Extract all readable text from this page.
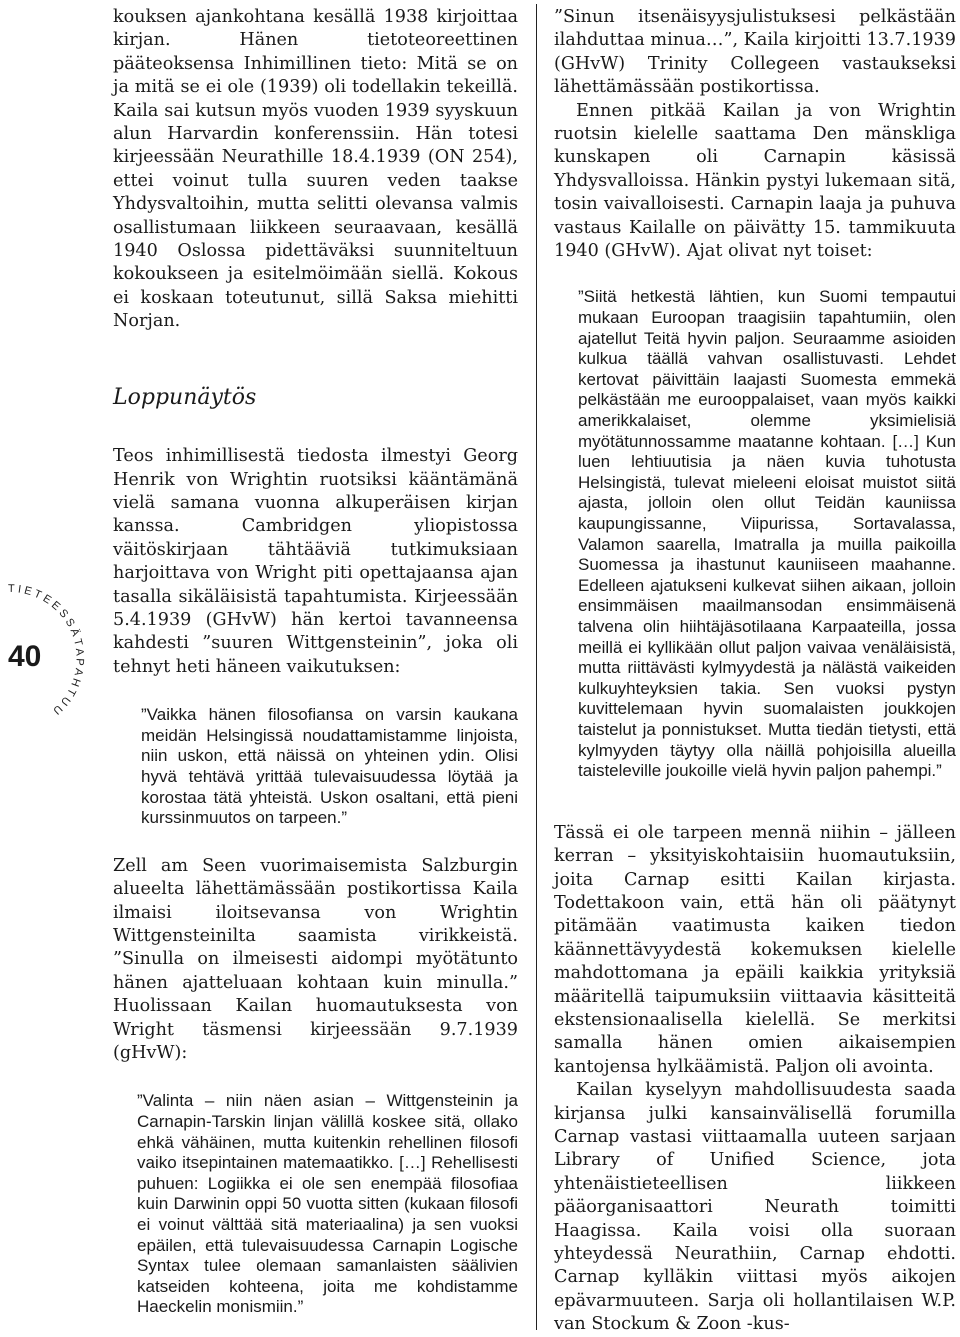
T I E T E E S S Ä T A P A H T U U
40

kouksen ajankohtana kesällä 1938 kirjoittaa kirjan. Hänen tietoteoreettinen pääteoksensa Inhimillinen tieto: Mitä se on ja mitä se ei ole (1939) oli todellakin tekeillä. Kaila sai kutsun myös vuoden 1939 syyskuun alun Harvardin konferenssiin. Hän totesi kirjeessään Neurathille 18.4.1939 (ON 254), ettei voinut tulla suuren veden taakse Yhdysvaltoihin, mutta selitti olevansa valmis osallistumaan liikkeen seuraavaan, kesällä 1940 Oslossa pidettäväksi suunniteltuun kokoukseen ja esitelmöimään siellä. Kokous ei koskaan toteutunut, sillä Saksa miehitti Norjan.

Loppunäytös

Teos inhimillisestä tiedosta ilmestyi Georg Henrik von Wrightin ruotsiksi kääntämänä vielä samana vuonna alkuperäisen kirjan kanssa. Cambridgen yliopistossa väitöskirjaan tähtääviä tutkimuksiaan harjoittava von Wright piti opettajaansa ajan tasalla sikäläisistä tapahtumista. Kirjeessään 5.4.1939 (GHvW) hän kertoi tavanneensa kahdesti ”suuren Wittgensteinin”, joka oli tehnyt heti häneen vaikutuksen:

”Vaikka hänen filosofiansa on varsin kaukana meidän Helsingissä noudattamistamme linjoista, niin uskon, että näissä on yhteinen ydin. Olisi hyvä tehtävä yrittää tulevaisuudessa löytää ja korostaa tätä yhteistä. Uskon osaltani, että pieni kurssinmuutos on tarpeen.”

Zell am Seen vuorimaisemista Salzburgin alueelta lähettämässään postikortissa Kaila ilmaisi iloitsevansa von Wrightin Wittgensteinilta saamista virikkeistä. ”Sinulla on ilmeisesti aidompi myötätunto hänen ajatteluaan kohtaan kuin minulla.” Huolissaan Kailan huomautuksesta von Wright täsmensi kirjeessään 9.7.1939 (gHvW):

”Valinta – niin näen asian – Wittgensteinin ja Carnapin-Tarskin linjan välillä koskee sitä, ollako ehkä vähäinen, mutta kuitenkin rehellinen filosofi vaiko itsepintainen matemaatikko. […] Rehellisesti puhuen: Logiikka ei ole sen enempää filosofiaa kuin Darwinin oppi 50 vuotta sitten (kukaan filosofi ei voinut välttää sitä materiaalina) ja sen vuoksi epäilen, että tulevaisuudessa Carnapin Logische Syntax tulee olemaan samanlaisten säälivien katseiden kohteena, joita me kohdistamme Haeckelin monismiin.”

”Sinun itsenäisyysjulistuksesi pelkästään ilahduttaa minua…”, Kaila kirjoitti 13.7.1939 (GHvW) Trinity Collegeen vastaukseksi lähettämässään postikortissa.

Ennen pitkää Kailan ja von Wrightin ruotsin kielelle saattama Den mänskliga kunskapen oli Carnapin käsissä Yhdysvalloissa. Hänkin pystyi lukemaan sitä, tosin vaivalloisesti. Carnapin laaja ja puhuva vastaus Kailalle on päivätty 15. tammikuuta 1940 (GHvW). Ajat olivat nyt toiset:

”Siitä hetkestä lähtien, kun Suomi tempautui mukaan Euroopan traagisiin tapahtumiin, olen ajatellut Teitä hyvin paljon. Seuraamme asioiden kulkua täällä vahvan osallistuvasti. Lehdet kertovat päivittäin laajasti Suomesta emmekä pelkästään me eurooppalaiset, vaan myös kaikki amerikkalaiset, olemme yksimielisiä myötätunnossamme maatanne kohtaan. […] Kun luen lehtiuutisia ja näen kuvia tuhotusta Helsingistä, tulevat mieleeni eloisat muistot siitä ajasta, jolloin olen ollut Teidän kauniissa kaupungissanne, Viipurissa, Sortavalassa, Valamon saarella, Imatralla ja muilla paikoilla Suomessa ja ihastunut kauniiseen maahanne. Edelleen ajatukseni kulkevat siihen aikaan, jolloin ensimmäisen maailmansodan ensimmäisenä talvena olin hiihtäjäsotilaana Karpaateilla, jossa meillä ei kyllikään ollut paljon vaivaa venäläisistä, mutta riittävästi kylmyydestä ja nälästä vaikeiden kulkuyhteyksien takia. Sen vuoksi pystyn kuvittelemaan hyvin suomalaisten joukkojen taistelut ja ponnistukset. Mutta tiedän tietysti, että kylmyyden täytyy olla näillä pohjoisilla alueilla taisteleville joukoille vielä hyvin paljon pahempi.”

Tässä ei ole tarpeen mennä niihin – jälleen kerran – yksityiskohtaisiin huomautuksiin, joita Carnap esitti Kailan kirjasta. Todettakoon vain, että hän oli päätynyt pitämään vaatimusta kaiken tiedon käännettävyydestä kokemuksen kielelle mahdottomana ja epäili kaikkia yrityksiä määritellä taipumuksiin viittaavia käsitteitä ekstensionaalisella kielellä. Se merkitsi samalla hänen omien aikaisempien kantojensa hylkäämistä. Paljon oli avointa.

Kailan kyselyyn mahdollisuudesta saada kirjansa julki kansainvälisellä forumilla Carnap vastasi viittaamalla uuteen sarjaan Library of Unified Science, jota yhtenäistieteellisen liikkeen pääorganisaattori Neurath toimitti Haagissa. Kaila voisi olla suoraan yhteydessä Neurathiin, Carnap ehdotti. Carnap kylläkin viittasi myös aikojen epävarmuuteen. Sarja oli hollantilaisen W.P. van Stockum & Zoon -kus-
